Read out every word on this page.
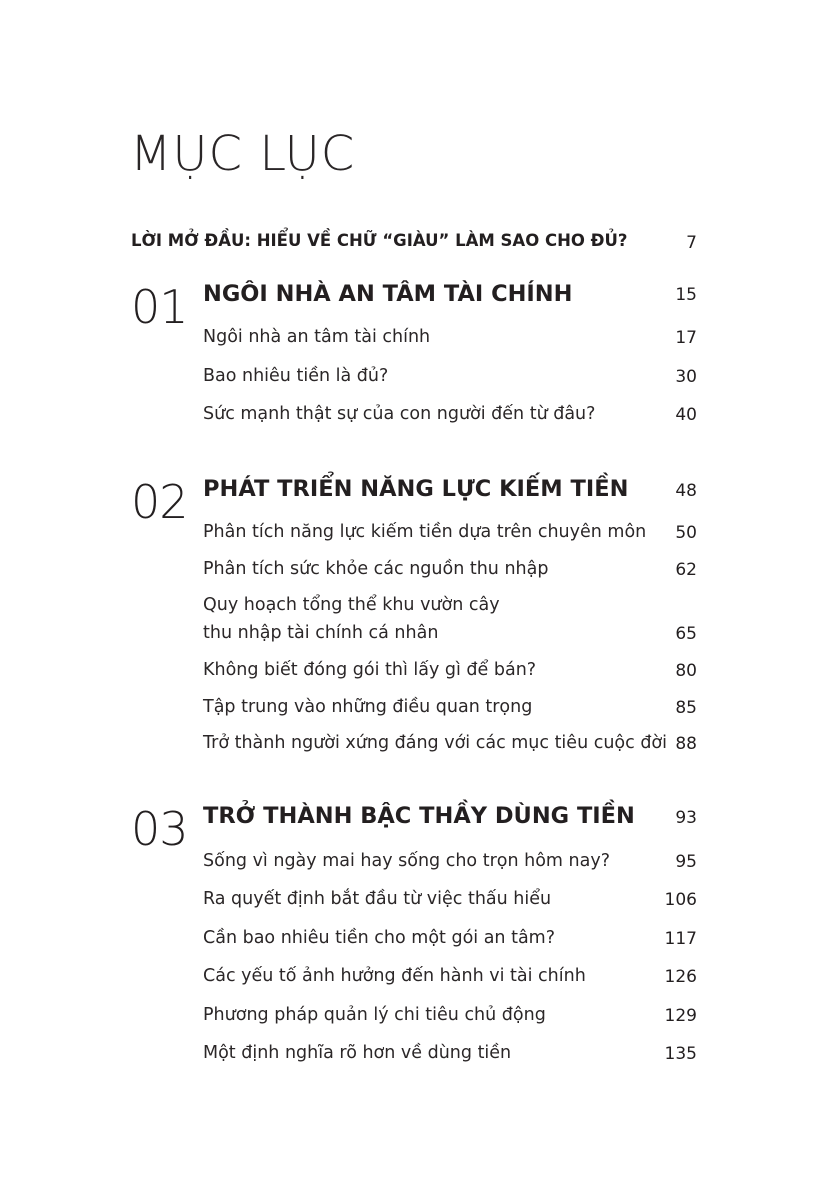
MỤC LỤC
LỜI MỞ ĐẦU: HIỂU VỀ CHỮ “GIÀU” LÀM SAO CHO ĐỦ?	7
01 NGÔI NHÀ AN TÂM TÀI CHÍNH	15
Ngôi nhà an tâm tài chính	17
Bao nhiêu tiền là đủ?	30
Sức mạnh thật sự của con người đến từ đâu?	40
02 PHÁT TRIỂN NĂNG LỰC KIẾM TIỀN	48
Phân tích năng lực kiếm tiền dựa trên chuyên môn 50
Phân tích sức khỏe các nguồn thu nhập	62
Quy hoạch tổng thể khu vườn cây
thu nhập tài chính cá nhân	65
Không biết đóng gói thì lấy gì để bán?	80
Tập trung vào những điều quan trọng	85
Trở thành người xứng đáng với các mục tiêu cuộc đời 88
03 TRỞ THÀNH BẬC THẦY DÙNG TIỀN 93
Sống vì ngày mai hay sống cho trọn hôm nay?	95
Ra quyết định bắt đầu từ việc thấu hiểu	106
Cần bao nhiêu tiền cho một gói an tâm?	117
Các yếu tố ảnh hưởng đến hành vi tài chính	126
Phương pháp quản lý chi tiêu chủ động	129
Một định nghĩa rõ hơn về dùng tiền	135
